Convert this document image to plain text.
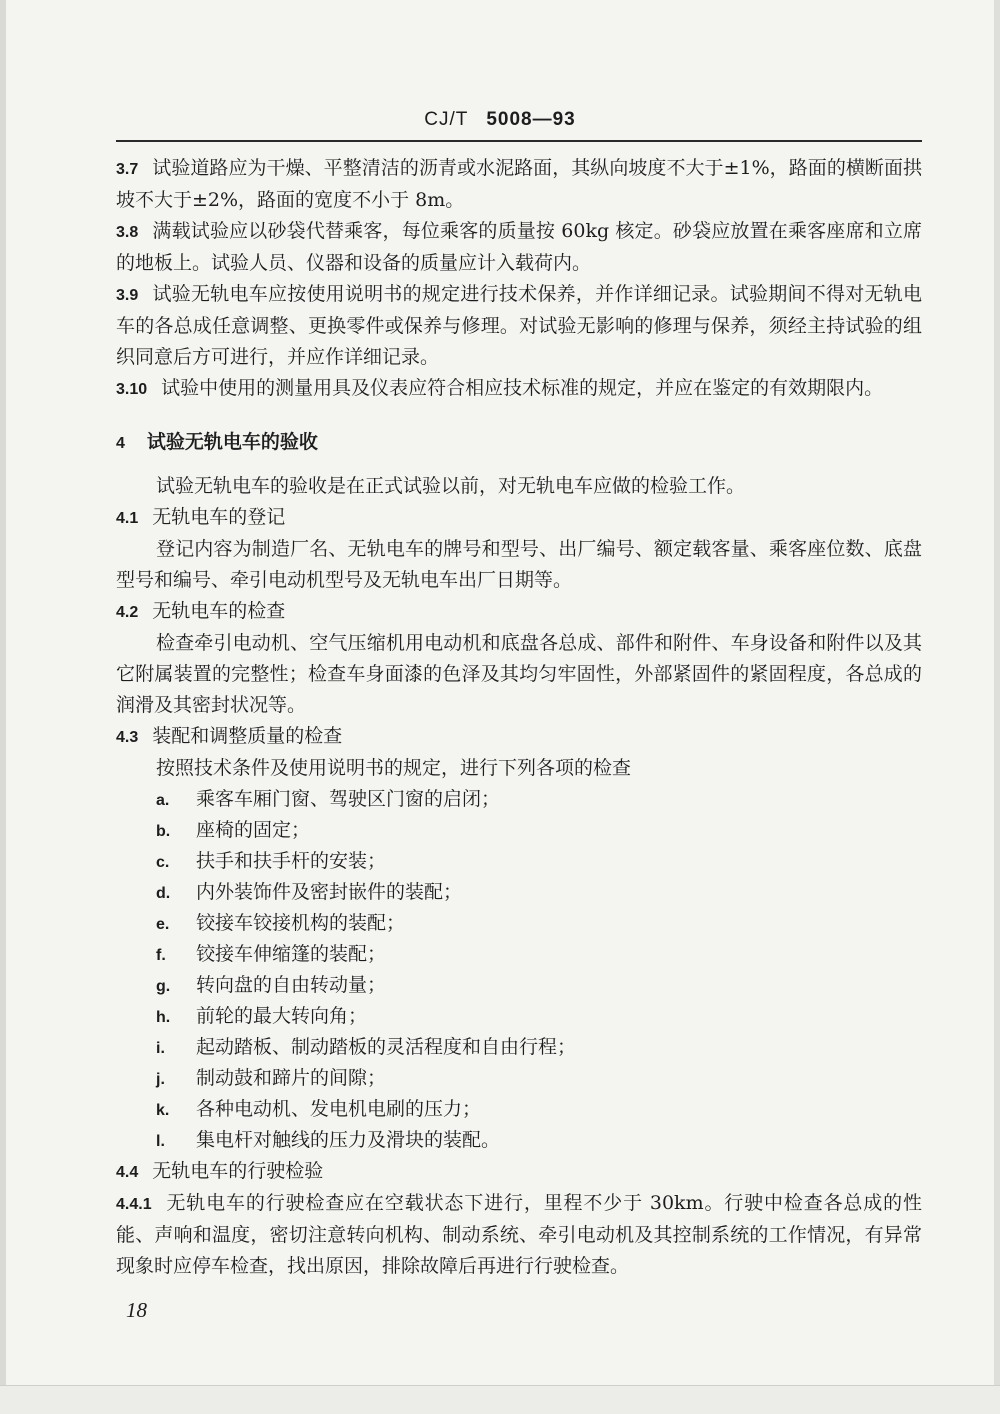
CJ/T 5008—93

3.7 试验道路应为干燥、平整清洁的沥青或水泥路面，其纵向坡度不大于±1%，路面的横断面拱坡不大于±2%，路面的宽度不小于 8m。

3.8 满载试验应以砂袋代替乘客，每位乘客的质量按 60kg 核定。砂袋应放置在乘客座席和立席的地板上。试验人员、仪器和设备的质量应计入载荷内。

3.9 试验无轨电车应按使用说明书的规定进行技术保养，并作详细记录。试验期间不得对无轨电车的各总成任意调整、更换零件或保养与修理。对试验无影响的修理与保养，须经主持试验的组织同意后方可进行，并应作详细记录。

3.10 试验中使用的测量用具及仪表应符合相应技术标准的规定，并应在鉴定的有效期限内。

4 试验无轨电车的验收

试验无轨电车的验收是在正式试验以前，对无轨电车应做的检验工作。

4.1 无轨电车的登记

登记内容为制造厂名、无轨电车的牌号和型号、出厂编号、额定载客量、乘客座位数、底盘型号和编号、牵引电动机型号及无轨电车出厂日期等。

4.2 无轨电车的检查

检查牵引电动机、空气压缩机用电动机和底盘各总成、部件和附件、车身设备和附件以及其它附属装置的完整性；检查车身面漆的色泽及其均匀牢固性，外部紧固件的紧固程度，各总成的润滑及其密封状况等。

4.3 装配和调整质量的检查

按照技术条件及使用说明书的规定，进行下列各项的检查

a. 乘客车厢门窗、驾驶区门窗的启闭；
b. 座椅的固定；
c. 扶手和扶手杆的安装；
d. 内外装饰件及密封嵌件的装配；
e. 铰接车铰接机构的装配；
f. 铰接车伸缩篷的装配；
g. 转向盘的自由转动量；
h. 前轮的最大转向角；
i. 起动踏板、制动踏板的灵活程度和自由行程；
j. 制动鼓和蹄片的间隙；
k. 各种电动机、发电机电刷的压力；
l. 集电杆对触线的压力及滑块的装配。

4.4 无轨电车的行驶检验

4.4.1 无轨电车的行驶检查应在空载状态下进行，里程不少于 30km。行驶中检查各总成的性能、声响和温度，密切注意转向机构、制动系统、牵引电动机及其控制系统的工作情况，有异常现象时应停车检查，找出原因，排除故障后再进行行驶检查。

18
